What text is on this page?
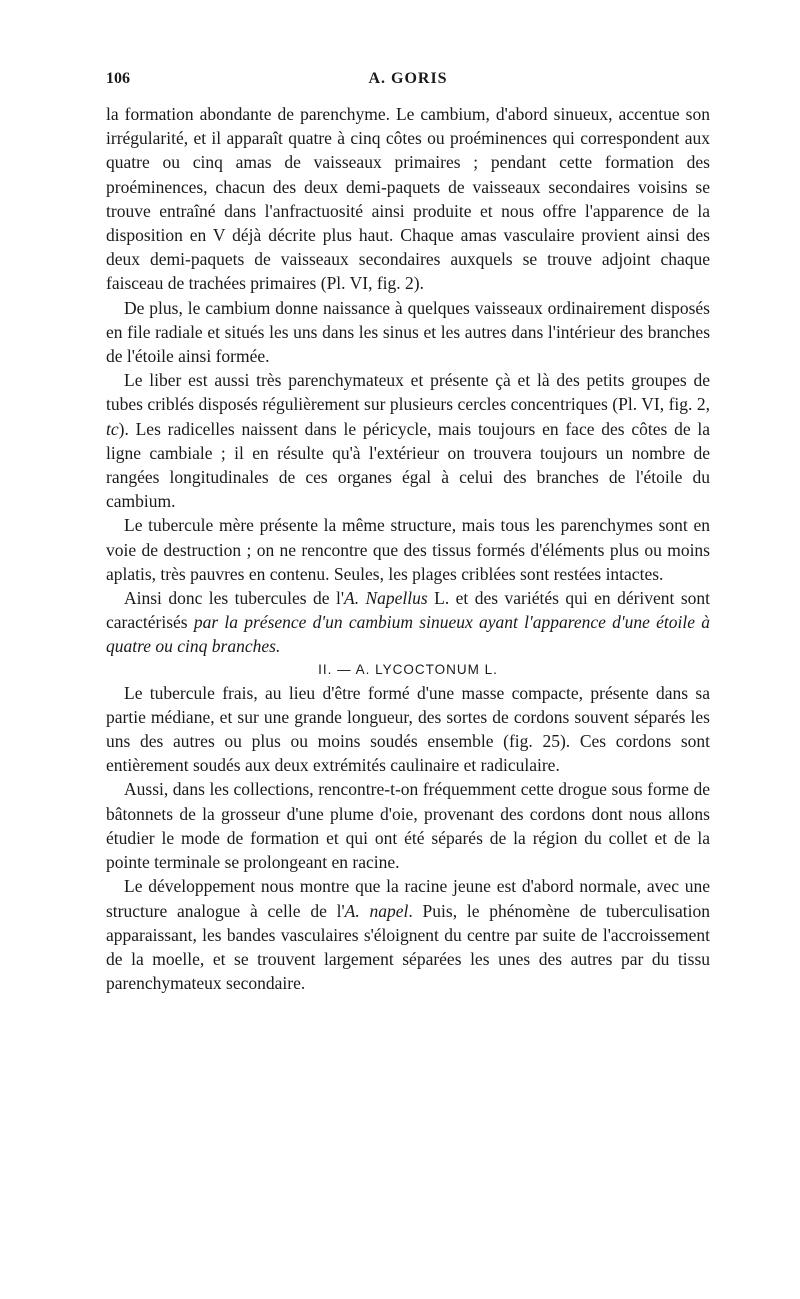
106	A. GORIS

la formation abondante de parenchyme. Le cambium, d'abord sinueux, accentue son irrégularité, et il apparaît quatre à cinq côtes ou proéminences qui correspondent aux quatre ou cinq amas de vaisseaux primaires ; pendant cette formation des proéminences, chacun des deux demi-paquets de vaisseaux secondaires voisins se trouve entraîné dans l'anfractuosité ainsi produite et nous offre l'apparence de la disposition en V déjà décrite plus haut. Chaque amas vasculaire provient ainsi des deux demi-paquets de vaisseaux secondaires auxquels se trouve adjoint chaque faisceau de trachées primaires (Pl. VI, fig. 2).

De plus, le cambium donne naissance à quelques vaisseaux ordinairement disposés en file radiale et situés les uns dans les sinus et les autres dans l'intérieur des branches de l'étoile ainsi formée.

Le liber est aussi très parenchymateux et présente çà et là des petits groupes de tubes criblés disposés régulièrement sur plusieurs cercles concentriques (Pl. VI, fig. 2, tc). Les radicelles naissent dans le péricycle, mais toujours en face des côtes de la ligne cambiale ; il en résulte qu'à l'extérieur on trouvera toujours un nombre de rangées longitudinales de ces organes égal à celui des branches de l'étoile du cambium.

Le tubercule mère présente la même structure, mais tous les parenchymes sont en voie de destruction ; on ne rencontre que des tissus formés d'éléments plus ou moins aplatis, très pauvres en contenu. Seules, les plages criblées sont restées intactes.

Ainsi donc les tubercules de l'A. Napellus L. et des variétés qui en dérivent sont caractérisés par la présence d'un cambium sinueux ayant l'apparence d'une étoile à quatre ou cinq branches.

II. — A. LYCOCTONUM L.

Le tubercule frais, au lieu d'être formé d'une masse compacte, présente dans sa partie médiane, et sur une grande longueur, des sortes de cordons souvent séparés les uns des autres ou plus ou moins soudés ensemble (fig. 25). Ces cordons sont entièrement soudés aux deux extrémités caulinaire et radiculaire.

Aussi, dans les collections, rencontre-t-on fréquemment cette drogue sous forme de bâtonnets de la grosseur d'une plume d'oie, provenant des cordons dont nous allons étudier le mode de formation et qui ont été séparés de la région du collet et de la pointe terminale se prolongeant en racine.

Le développement nous montre que la racine jeune est d'abord normale, avec une structure analogue à celle de l'A. napel. Puis, le phénomène de tuberculisation apparaissant, les bandes vasculaires s'éloignent du centre par suite de l'accroissement de la moelle, et se trouvent largement séparées les unes des autres par du tissu parenchymateux secondaire.
